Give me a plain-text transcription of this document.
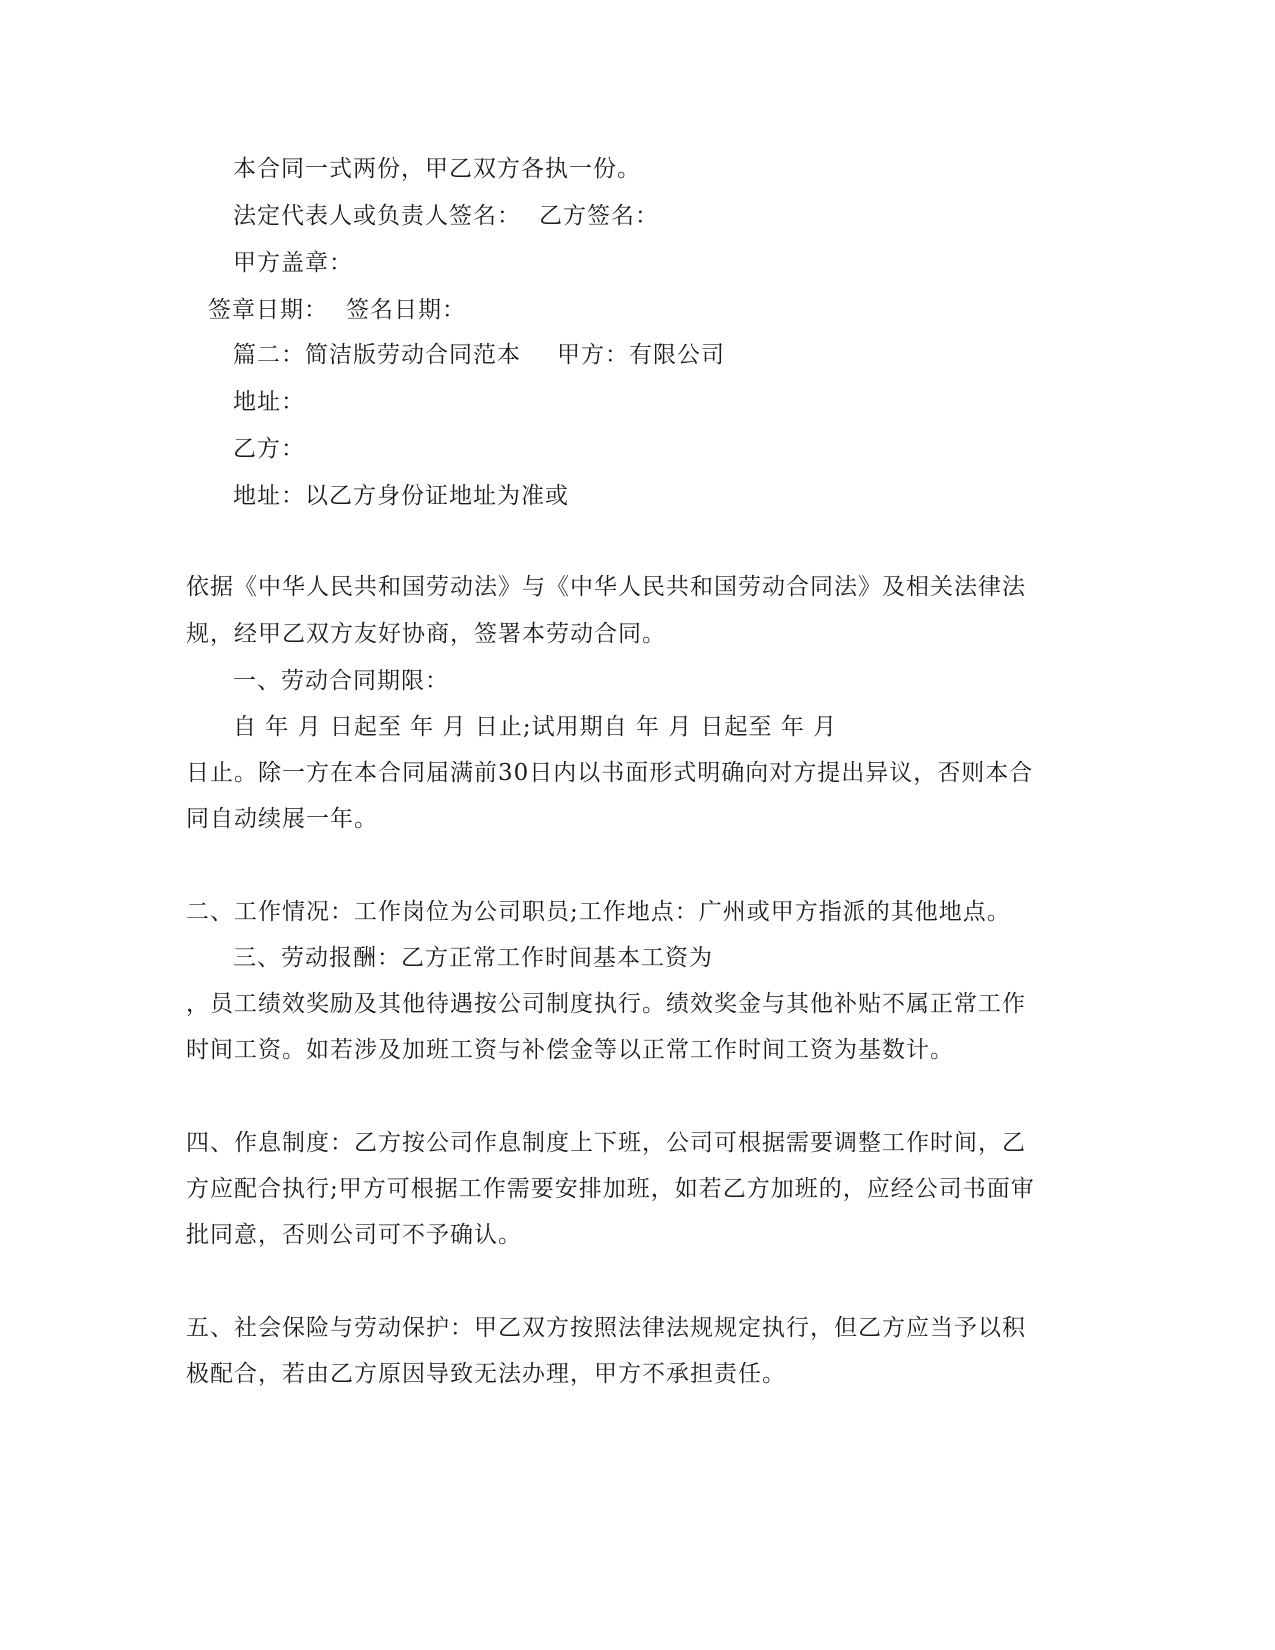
本合同一式两份，甲乙双方各执一份。
法定代表人或负责人签名： 乙方签名：
甲方盖章：
签章日期： 签名日期：
篇二：简洁版劳动合同范本 甲方：有限公司
地址：
乙方：
地址：以乙方身份证地址为准或
依据《中华人民共和国劳动法》与《中华人民共和国劳动合同法》及相关法律法
规，经甲乙双方友好协商，签署本劳动合同。
一、劳动合同期限：
自 年 月 日起至 年 月 日止;试用期自 年 月 日起至 年 月
日止。除一方在本合同届满前30日内以书面形式明确向对方提出异议，否则本合
同自动续展一年。
二、工作情况：工作岗位为公司职员;工作地点：广州或甲方指派的其他地点。
三、劳动报酬：乙方正常工作时间基本工资为
，员工绩效奖励及其他待遇按公司制度执行。绩效奖金与其他补贴不属正常工作
时间工资。如若涉及加班工资与补偿金等以正常工作时间工资为基数计。
四、作息制度：乙方按公司作息制度上下班，公司可根据需要调整工作时间，乙
方应配合执行;甲方可根据工作需要安排加班，如若乙方加班的，应经公司书面审
批同意，否则公司可不予确认。
五、社会保险与劳动保护：甲乙双方按照法律法规规定执行，但乙方应当予以积
极配合，若由乙方原因导致无法办理，甲方不承担责任。
